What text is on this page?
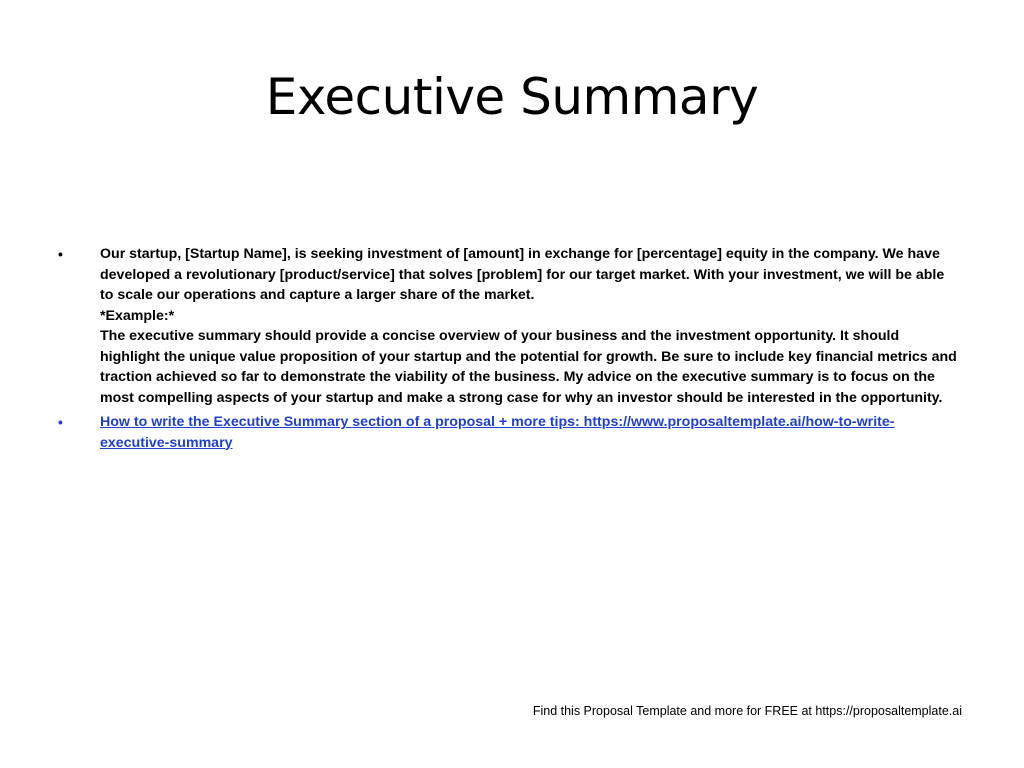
Executive Summary
•	Our startup, [Startup Name], is seeking investment of [amount] in exchange for [percentage] equity in the company. We have developed a revolutionary [product/service] that solves [problem] for our target market. With your investment, we will be able to scale our operations and capture a larger share of the market.
*Example:*
The executive summary should provide a concise overview of your business and the investment opportunity. It should highlight the unique value proposition of your startup and the potential for growth. Be sure to include key financial metrics and traction achieved so far to demonstrate the viability of the business. My advice on the executive summary is to focus on the most compelling aspects of your startup and make a strong case for why an investor should be interested in the opportunity.
•	How to write the Executive Summary section of a proposal + more tips: https://www.proposaltemplate.ai/how-to-write-executive-summary
Find this Proposal Template and more for FREE at https://proposaltemplate.ai
